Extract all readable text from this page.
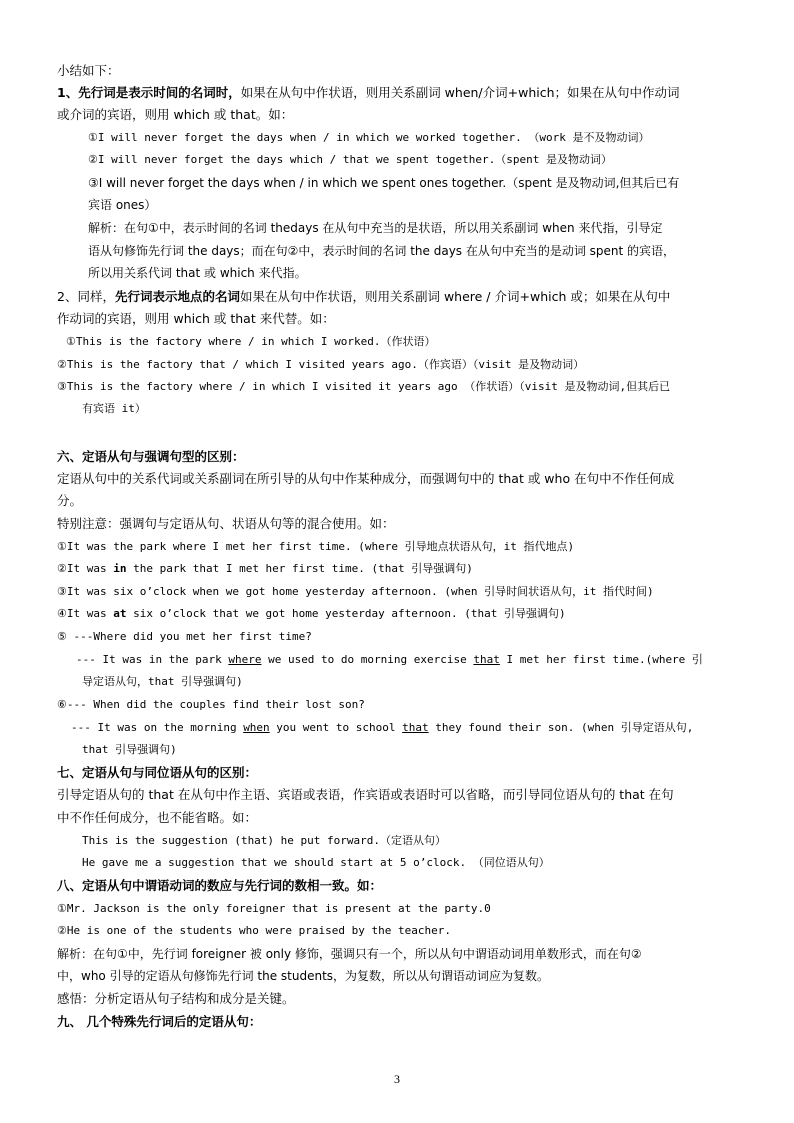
小结如下：
1、先行词是表示时间的名词时，如果在从句中作状语，则用关系副词 when/介词+which；如果在从句中作动词
或介词的宾语，则用 which 或 that。如：
①I will never forget the days when / in which we worked together. （work 是不及物动词）
②I will never forget the days which / that we spent together.（spent 是及物动词）
③I will never forget the days when / in which we spent ones together.（spent 是及物动词,但其后已有
宾语 ones）
解析：在句①中，表示时间的名词 thedays 在从句中充当的是状语，所以用关系副词 when 来代指，引导定
语从句修饰先行词 the days；而在句②中，表示时间的名词 the days 在从句中充当的是动词 spent 的宾语，
所以用关系代词 that 或 which 来代指。
2、同样，先行词表示地点的名词如果在从句中作状语，则用关系副词 where / 介词+which 或；如果在从句中
作动词的宾语，则用 which 或 that 来代替。如：
①This is the factory where / in which I worked.（作状语）
②This is the factory that / which I visited years ago.（作宾语）（visit 是及物动词）
③This is the factory where / in which I visited it years ago （作状语）（visit 是及物动词,但其后已
有宾语 it）
六、定语从句与强调句型的区别：
定语从句中的关系代词或关系副词在所引导的从句中作某种成分，而强调句中的 that 或 who 在句中不作任何成
分。
特别注意：强调句与定语从句、状语从句等的混合使用。如：
①It was the park where I met her first time. (where 引导地点状语从句，it 指代地点)
②It was in the park that I met her first time. (that 引导强调句)
③It was six o’clock when we got home yesterday afternoon. (when 引导时间状语从句，it 指代时间)
④It was at six o’clock that we got home yesterday afternoon. (that 引导强调句)
⑤ ---Where did you met her first time?
--- It was in the park where we used to do morning exercise that I met her first time.(where 引
导定语从句，that 引导强调句)
⑥--- When did the couples find their lost son?
--- It was on the morning when you went to school that they found their son. (when 引导定语从句,
that 引导强调句)
七、定语从句与同位语从句的区别：
引导定语从句的 that 在从句中作主语、宾语或表语，作宾语或表语时可以省略，而引导同位语从句的 that 在句
中不作任何成分，也不能省略。如：
This is the suggestion (that) he put forward.（定语从句）
He gave me a suggestion that we should start at 5 o’clock. （同位语从句）
八、定语从句中谓语动词的数应与先行词的数相一致。如：
①Mr. Jackson is the only foreigner that is present at the party.0
②He is one of the students who were praised by the teacher.
解析：在句①中，先行词 foreigner 被 only 修饰，强调只有一个，所以从句中谓语动词用单数形式，而在句②
中，who 引导的定语从句修饰先行词 the students，为复数，所以从句谓语动词应为复数。
感悟：分析定语从句子结构和成分是关键。
九、 几个特殊先行词后的定语从句：
3
